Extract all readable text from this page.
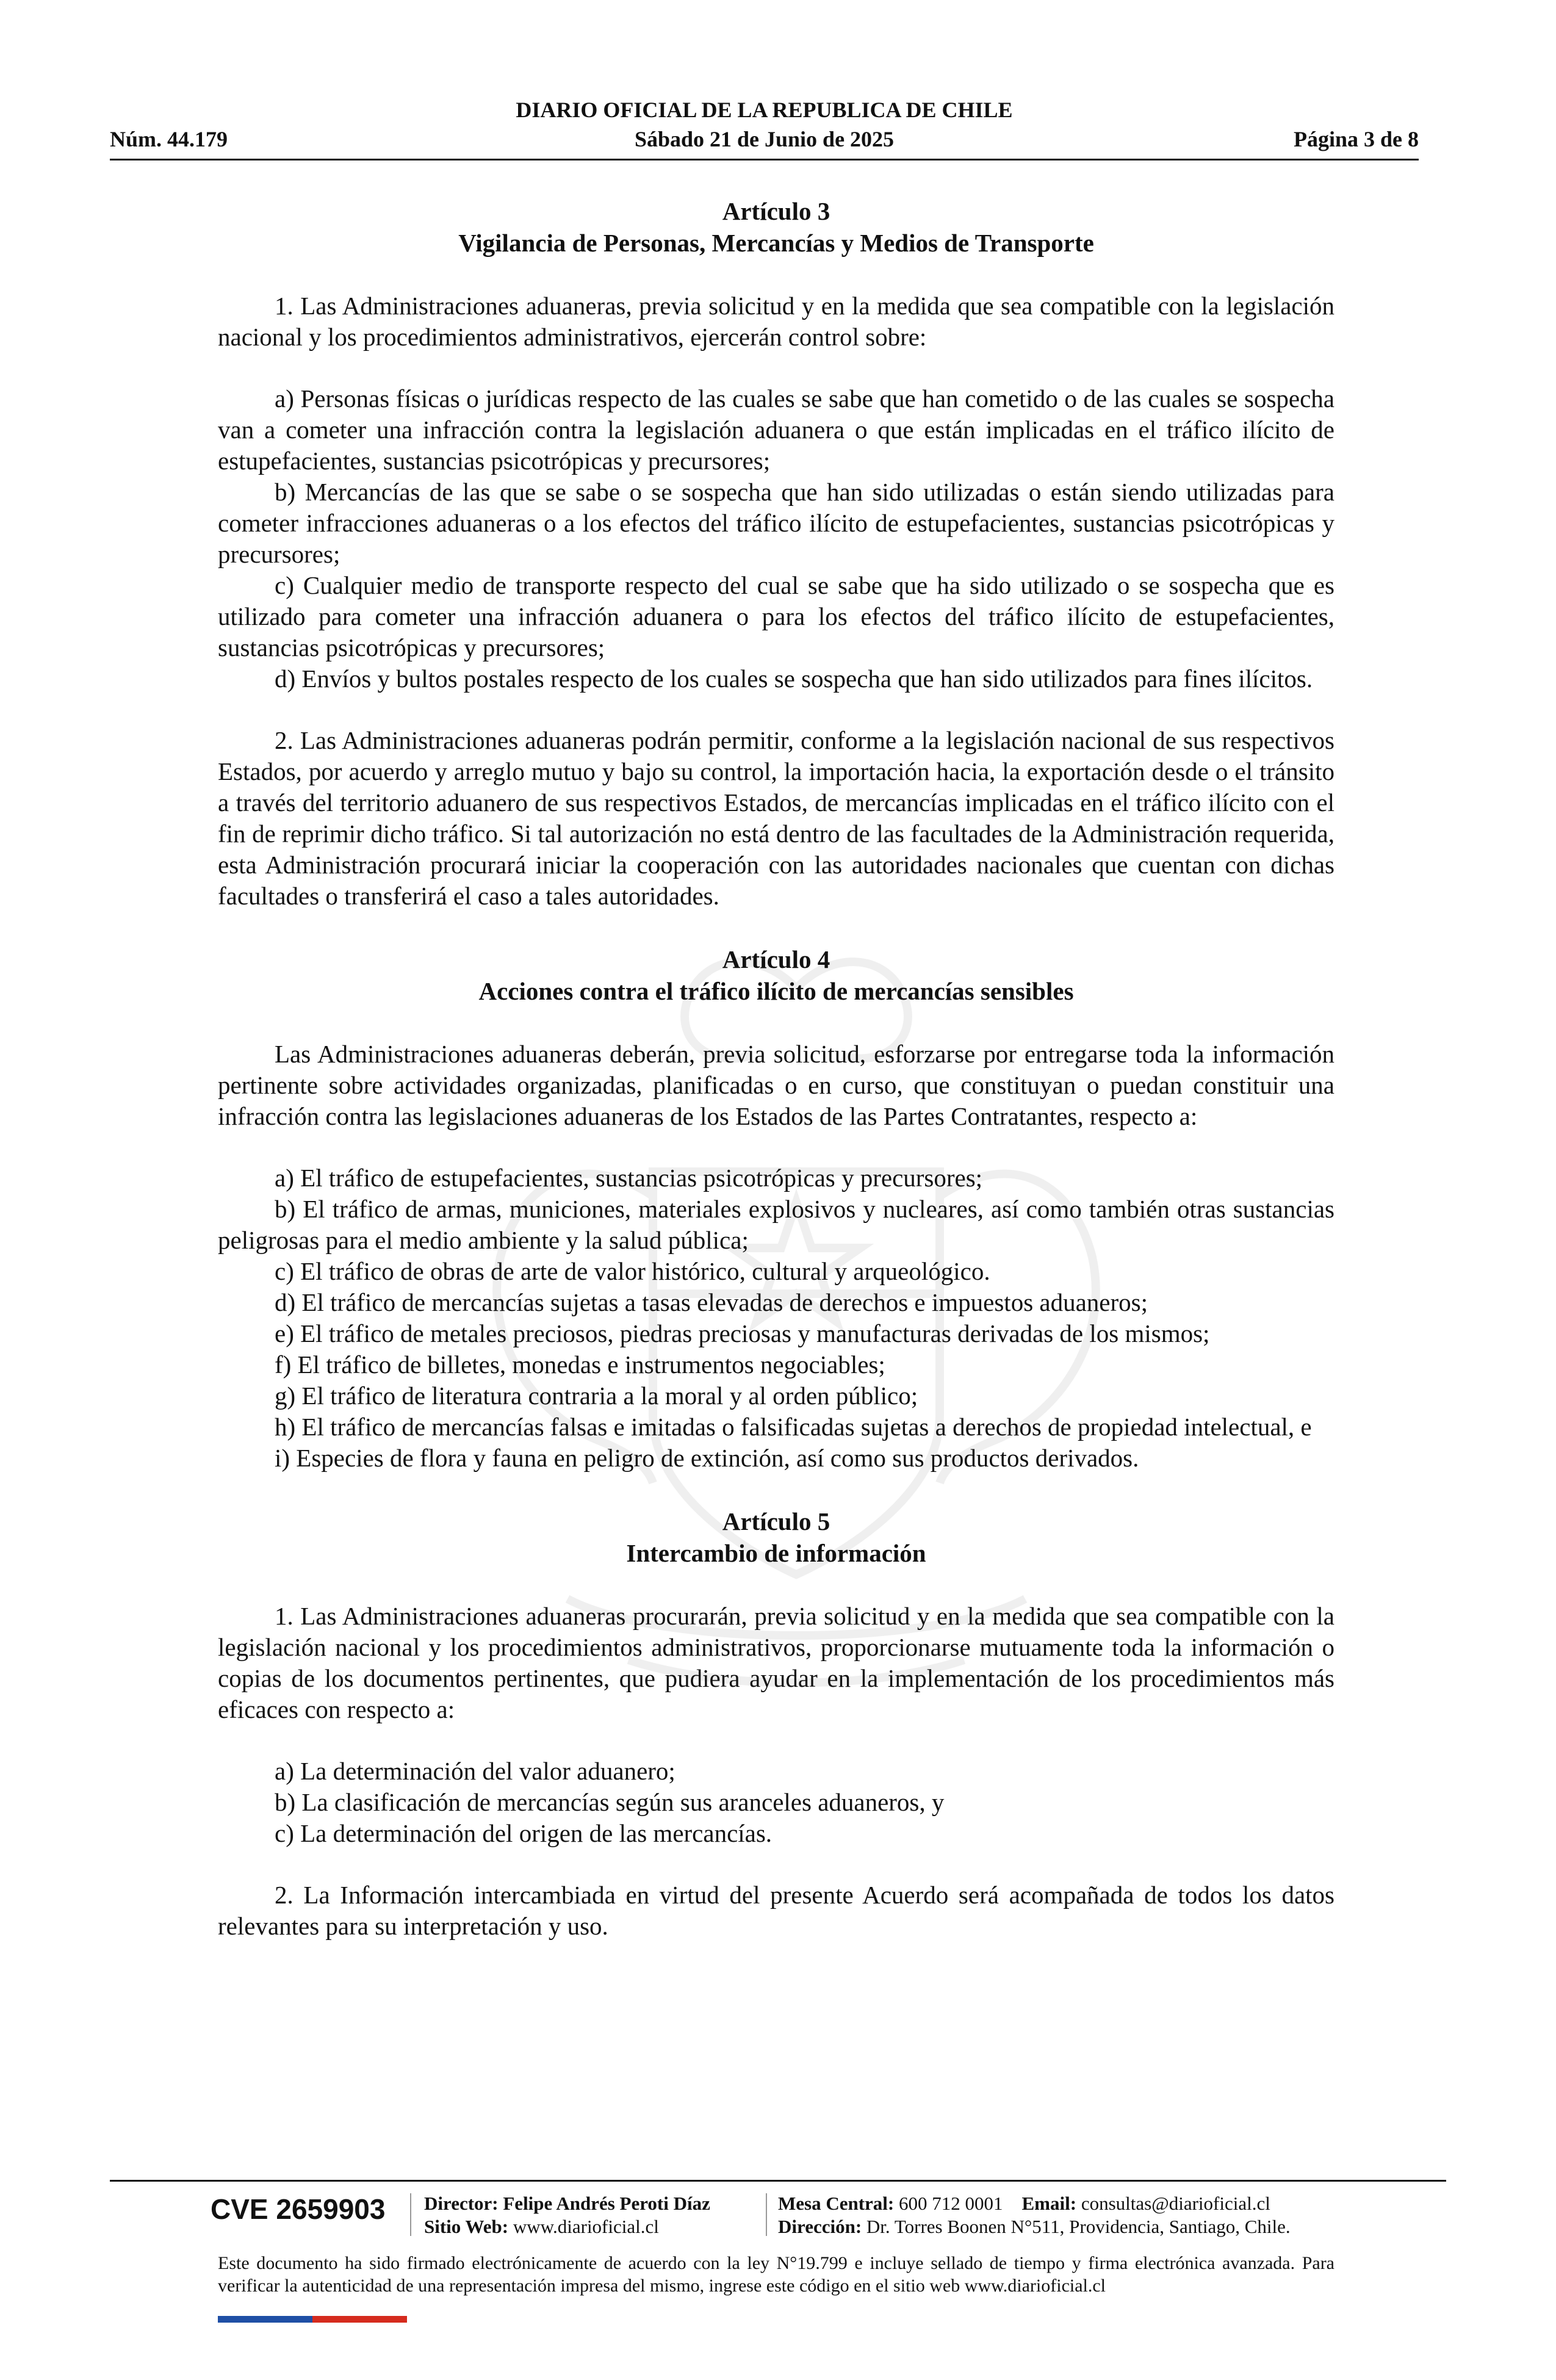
DIARIO OFICIAL DE LA REPUBLICA DE CHILE
Sábado 21 de Junio de 2025
Núm. 44.179	Página 3 de 8
Artículo 3
Vigilancia de Personas, Mercancías y Medios de Transporte

1. Las Administraciones aduaneras, previa solicitud y en la medida que sea compatible con la legislación nacional y los procedimientos administrativos, ejercerán control sobre:

a) Personas físicas o jurídicas respecto de las cuales se sabe que han cometido o de las cuales se sospecha van a cometer una infracción contra la legislación aduanera o que están implicadas en el tráfico ilícito de estupefacientes, sustancias psicotrópicas y precursores;

b) Mercancías de las que se sabe o se sospecha que han sido utilizadas o están siendo utilizadas para cometer infracciones aduaneras o a los efectos del tráfico ilícito de estupefacientes, sustancias psicotrópicas y precursores;

c) Cualquier medio de transporte respecto del cual se sabe que ha sido utilizado o se sospecha que es utilizado para cometer una infracción aduanera o para los efectos del tráfico ilícito de estupefacientes, sustancias psicotrópicas y precursores;

d) Envíos y bultos postales respecto de los cuales se sospecha que han sido utilizados para fines ilícitos.

2. Las Administraciones aduaneras podrán permitir, conforme a la legislación nacional de sus respectivos Estados, por acuerdo y arreglo mutuo y bajo su control, la importación hacia, la exportación desde o el tránsito a través del territorio aduanero de sus respectivos Estados, de mercancías implicadas en el tráfico ilícito con el fin de reprimir dicho tráfico. Si tal autorización no está dentro de las facultades de la Administración requerida, esta Administración procurará iniciar la cooperación con las autoridades nacionales que cuentan con dichas facultades o transferirá el caso a tales autoridades.

Artículo 4
Acciones contra el tráfico ilícito de mercancías sensibles

Las Administraciones aduaneras deberán, previa solicitud, esforzarse por entregarse toda la información pertinente sobre actividades organizadas, planificadas o en curso, que constituyan o puedan constituir una infracción contra las legislaciones aduaneras de los Estados de las Partes Contratantes, respecto a:

a) El tráfico de estupefacientes, sustancias psicotrópicas y precursores;

b) El tráfico de armas, municiones, materiales explosivos y nucleares, así como también otras sustancias peligrosas para el medio ambiente y la salud pública;

c) El tráfico de obras de arte de valor histórico, cultural y arqueológico.

d) El tráfico de mercancías sujetas a tasas elevadas de derechos e impuestos aduaneros;

e) El tráfico de metales preciosos, piedras preciosas y manufacturas derivadas de los mismos;

f) El tráfico de billetes, monedas e instrumentos negociables;

g) El tráfico de literatura contraria a la moral y al orden público;

h) El tráfico de mercancías falsas e imitadas o falsificadas sujetas a derechos de propiedad intelectual, e

i) Especies de flora y fauna en peligro de extinción, así como sus productos derivados.

Artículo 5
Intercambio de información

1. Las Administraciones aduaneras procurarán, previa solicitud y en la medida que sea compatible con la legislación nacional y los procedimientos administrativos, proporcionarse mutuamente toda la información o copias de los documentos pertinentes, que pudiera ayudar en la implementación de los procedimientos más eficaces con respecto a:

a) La determinación del valor aduanero;

b) La clasificación de mercancías según sus aranceles aduaneros, y

c) La determinación del origen de las mercancías.

2. La Información intercambiada en virtud del presente Acuerdo será acompañada de todos los datos relevantes para su interpretación y uso.

CVE 2659903 Director: Felipe Andrés Peroti Díaz
Sitio Web: www.diarioficial.cl
Mesa Central: 600 712 0001 Email: consultas@diarioficial.cl
Dirección: Dr. Torres Boonen N°511, Providencia, Santiago, Chile.
Este documento ha sido firmado electrónicamente de acuerdo con la ley N°19.799 e incluye sellado de tiempo y firma electrónica avanzada. Para verificar la autenticidad de una representación impresa del mismo, ingrese este código en el sitio web www.diarioficial.cl
